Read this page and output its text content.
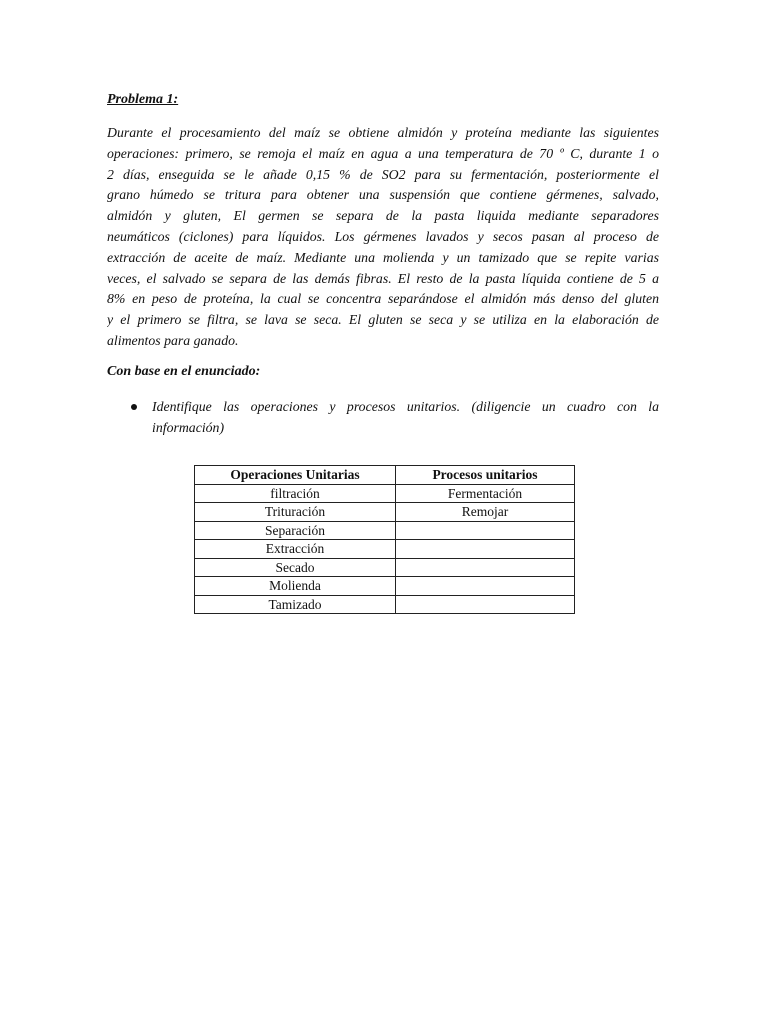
Problema 1:
Durante el procesamiento del maíz se obtiene almidón y proteína mediante las siguientes
operaciones: primero, se remoja el maíz en agua a una temperatura de 70 º C, durante 1 o
2 días, enseguida se le añade 0,15 % de SO2 para su fermentación, posteriormente el
grano húmedo se tritura para obtener una suspensión que contiene gérmenes, salvado,
almidón y gluten, El germen se separa de la pasta liquida mediante separadores
neumáticos (ciclones) para líquidos. Los gérmenes lavados y secos pasan al proceso de
extracción de aceite de maíz. Mediante una molienda y un tamizado que se repite varias
veces, el salvado se separa de las demás fibras. El resto de la pasta líquida contiene de 5 a
8% en peso de proteína, la cual se concentra separándose el almidón más denso del gluten
y el primero se filtra, se lava se seca. El gluten se seca y se utiliza en la elaboración de
alimentos para ganado.
Con base en el enunciado:
Identifique las operaciones y procesos unitarios. (diligencie un cuadro con la
información)
Operaciones Unitarias	Procesos unitarios
filtración	Fermentación
Trituración	Remojar
Separación	
Extracción	
Secado	
Molienda	
Tamizado	
